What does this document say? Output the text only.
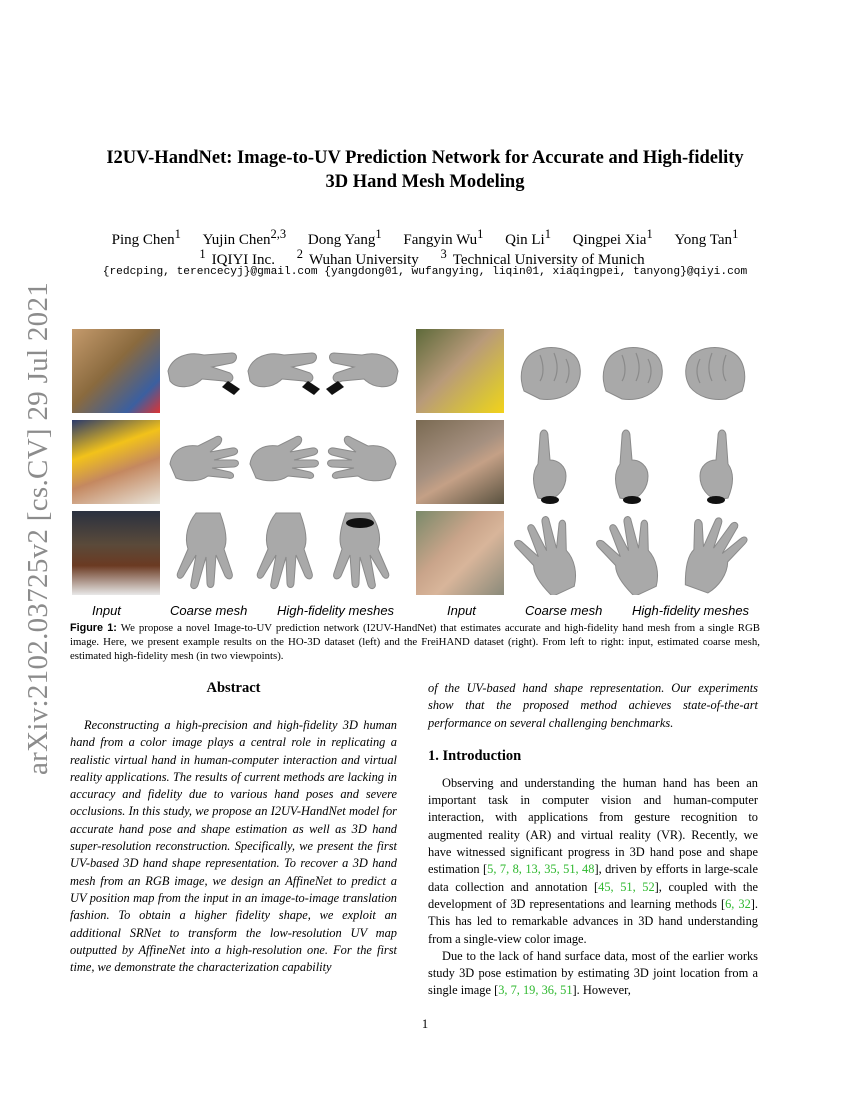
arXiv:2102.03725v2 [cs.CV] 29 Jul 2021
I2UV-HandNet: Image-to-UV Prediction Network for Accurate and High-fidelity
3D Hand Mesh Modeling
Ping Chen$^1$ Yujin Chen$^{2,3}$ Dong Yang$^1$ Fangyin Wu$^1$ Qin Li$^1$ Qingpei Xia$^1$ Yong Tan$^1$
$^1$ IQIYI Inc. $^2$ Wuhan University $^3$ Technical University of Munich
{redcping, terencecyj}@gmail.com {yangdong01, wufangying, liqin01, xiaqingpei, tanyong}@qiyi.com
Input	Coarse mesh High-fidelity meshes	Input	Coarse mesh High-fidelity meshes
Figure 1: We propose a novel Image-to-UV prediction network (I2UV-HandNet) that estimates accurate and high-fidelity hand mesh from a single RGB image. Here, we present example results on the HO-3D dataset (left) and the FreiHAND dataset (right). From left to right: input, estimated coarse mesh, estimated high-fidelity mesh (in two viewpoints).
Abstract

Reconstructing a high-precision and high-fidelity 3D human hand from a color image plays a central role in replicating a realistic virtual hand in human-computer interaction and virtual reality applications. The results of current methods are lacking in accuracy and fidelity due to various hand poses and severe occlusions. In this study, we propose an I2UV-HandNet model for accurate hand pose and shape estimation as well as 3D hand super-resolution reconstruction. Specifically, we present the first UV-based 3D hand shape representation. To recover a 3D hand mesh from an RGB image, we design an AffineNet to predict a UV position map from the input in an image-to-image translation fashion. To obtain a higher fidelity shape, we exploit an additional SRNet to transform the low-resolution UV map outputted by AffineNet into a high-resolution one. For the first time, we demonstrate the characterization capability

of the UV-based hand shape representation. Our experiments show that the proposed method achieves state-of-the-art performance on several challenging benchmarks.

1. Introduction

Observing and understanding the human hand has been an important task in computer vision and human-computer interaction, with applications from gesture recognition to augmented reality (AR) and virtual reality (VR). Recently, we have witnessed significant progress in 3D hand pose and shape estimation [5, 7, 8, 13, 35, 51, 48], driven by efforts in large-scale data collection and annotation [45, 51, 52], coupled with the development of 3D representations and learning methods [6, 32]. This has led to remarkable advances in 3D hand understanding from a single-view color image.

Due to the lack of hand surface data, most of the earlier works study 3D pose estimation by estimating 3D joint location from a single image [3, 7, 19, 36, 51]. However,

1
